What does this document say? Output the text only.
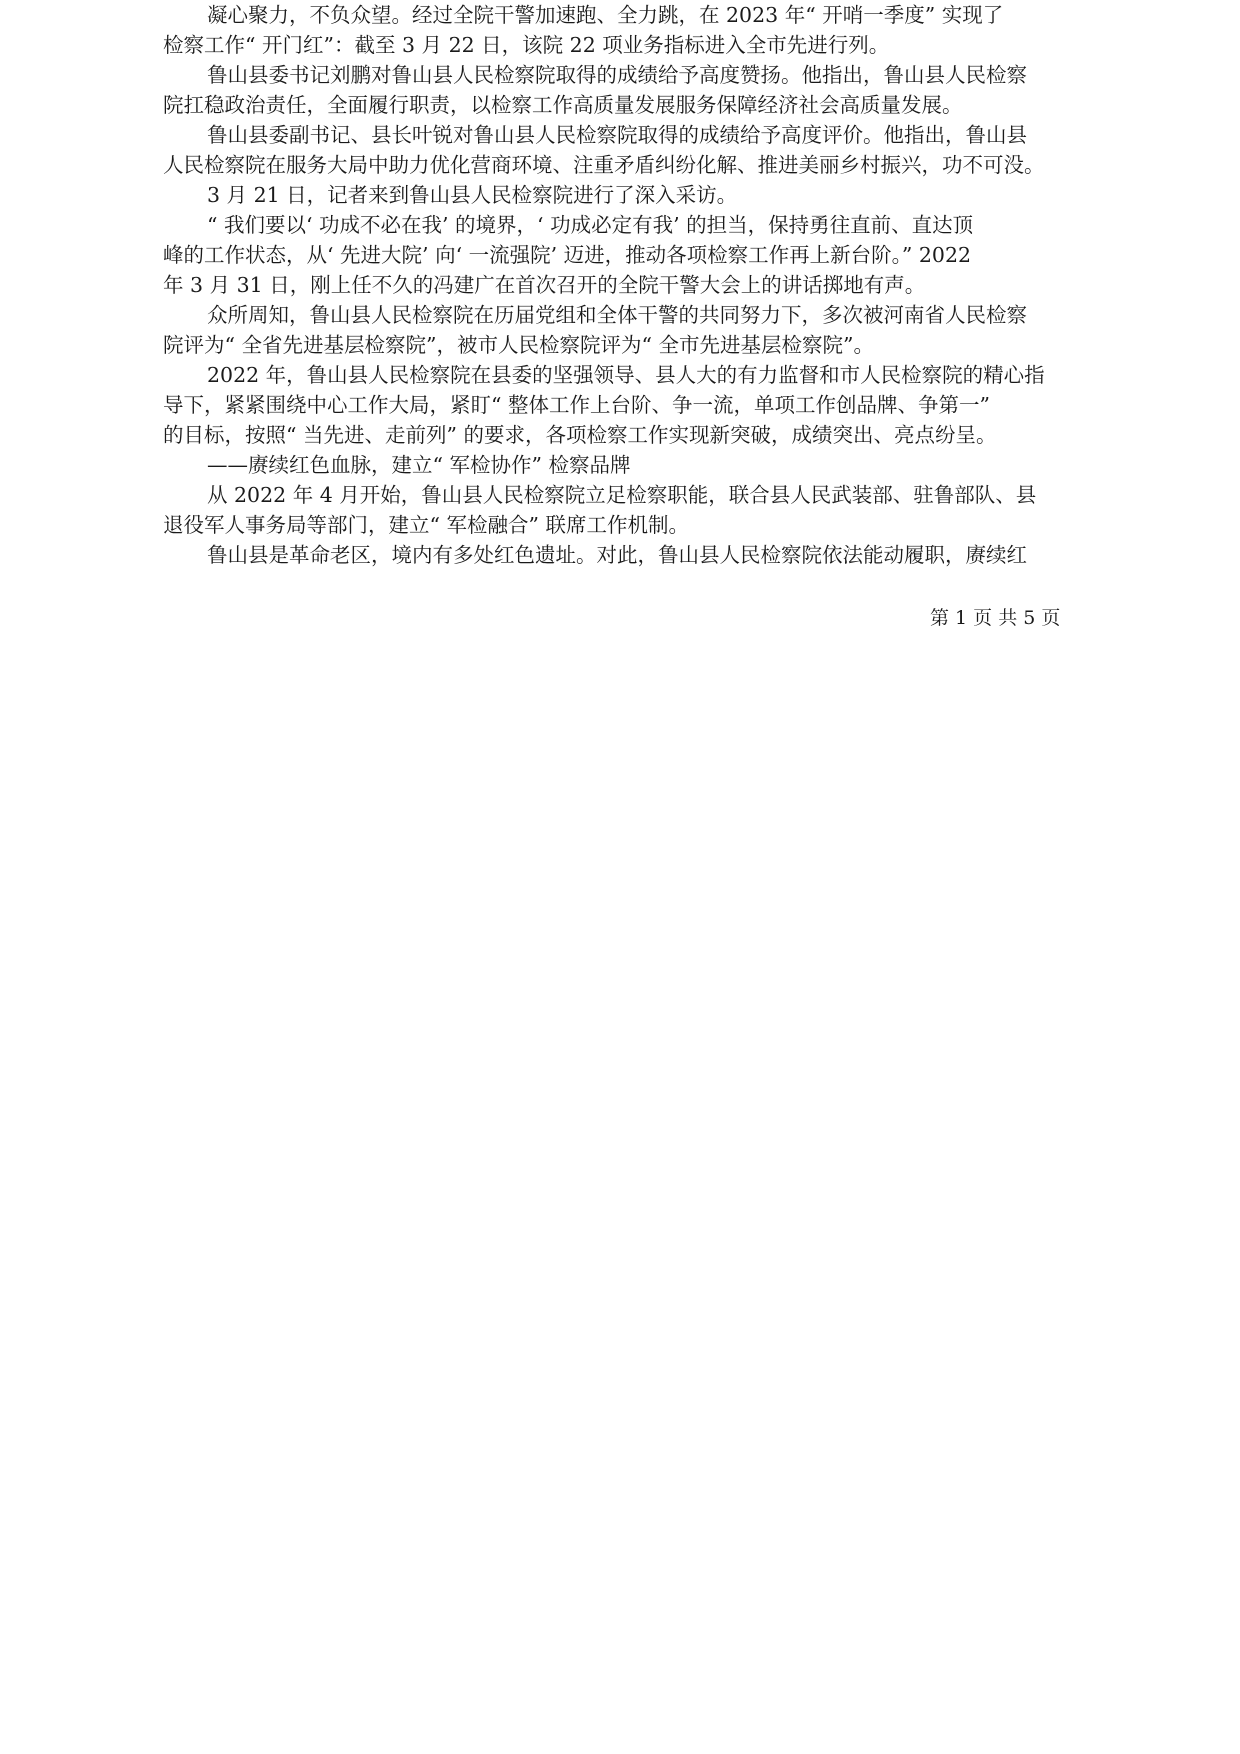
凝心聚力，不负众望。经过全院干警加速跑、全力跳，在 2023 年“ 开哨一季度” 实现了
检察工作“ 开门红”：截至 3 月 22 日，该院 22 项业务指标进入全市先进行列。

鲁山县委书记刘鹏对鲁山县人民检察院取得的成绩给予高度赞扬。他指出，鲁山县人民检察
院扛稳政治责任，全面履行职责，以检察工作高质量发展服务保障经济社会高质量发展。

鲁山县委副书记、县长叶锐对鲁山县人民检察院取得的成绩给予高度评价。他指出，鲁山县
人民检察院在服务大局中助力优化营商环境、注重矛盾纠纷化解、推进美丽乡村振兴，功不可没。

3 月 21 日，记者来到鲁山县人民检察院进行了深入采访。

“ 我们要以‘ 功成不必在我’ 的境界，‘ 功成必定有我’ 的担当，保持勇往直前、直达顶
峰的工作状态，从‘ 先进大院’ 向‘ 一流强院’ 迈进，推动各项检察工作再上新台阶。” 2022
年 3 月 31 日，刚上任不久的冯建广在首次召开的全院干警大会上的讲话掷地有声。

众所周知，鲁山县人民检察院在历届党组和全体干警的共同努力下，多次被河南省人民检察
院评为“ 全省先进基层检察院”，被市人民检察院评为“ 全市先进基层检察院”。

2022 年，鲁山县人民检察院在县委的坚强领导、县人大的有力监督和市人民检察院的精心指
导下，紧紧围绕中心工作大局，紧盯“ 整体工作上台阶、争一流，单项工作创品牌、争第一”
的目标，按照“ 当先进、走前列” 的要求，各项检察工作实现新突破，成绩突出、亮点纷呈。

——赓续红色血脉，建立“ 军检协作” 检察品牌

从 2022 年 4 月开始，鲁山县人民检察院立足检察职能，联合县人民武装部、驻鲁部队、县
退役军人事务局等部门，建立“ 军检融合” 联席工作机制。

鲁山县是革命老区，境内有多处红色遗址。对此，鲁山县人民检察院依法能动履职，赓续红

第 1 页 共 5 页
